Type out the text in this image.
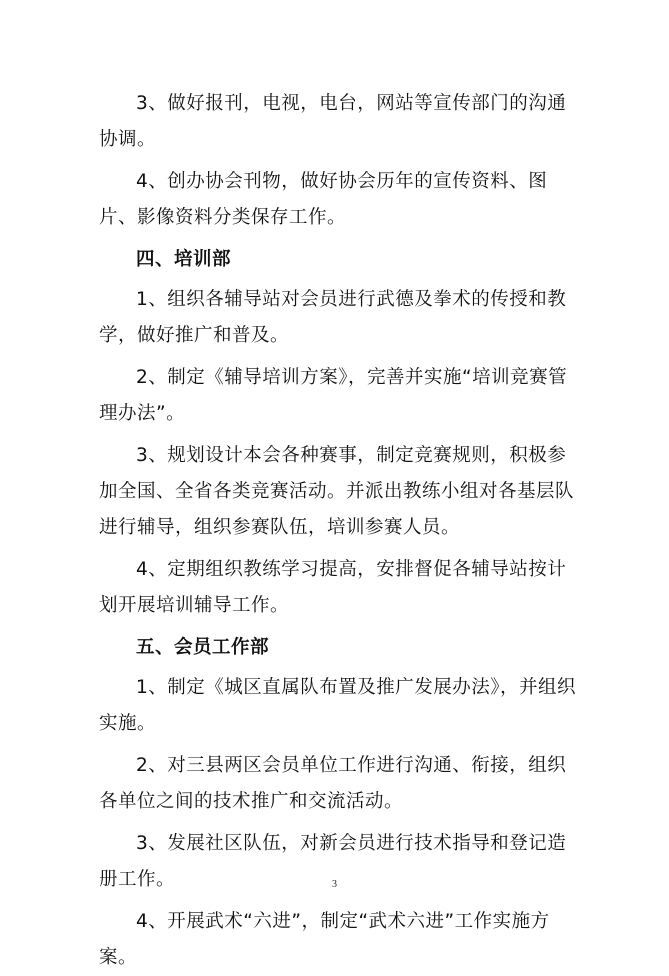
3、做好报刊，电视，电台，网站等宣传部门的沟通协调。

4、创办协会刊物，做好协会历年的宣传资料、图片、影像资料分类保存工作。

四、培训部

1、组织各辅导站对会员进行武德及拳术的传授和教学，做好推广和普及。

2、制定《辅导培训方案》，完善并实施“培训竞赛管理办法”。

3、规划设计本会各种赛事，制定竞赛规则，积极参加全国、全省各类竞赛活动。并派出教练小组对各基层队进行辅导，组织参赛队伍，培训参赛人员。

4、定期组织教练学习提高，安排督促各辅导站按计划开展培训辅导工作。

五、会员工作部

1、制定《城区直属队布置及推广发展办法》，并组织实施。

2、对三县两区会员单位工作进行沟通、衔接，组织各单位之间的技术推广和交流活动。

3、发展社区队伍，对新会员进行技术指导和登记造册工作。

4、开展武术“六进”，制定“武术六进”工作实施方案。

3
